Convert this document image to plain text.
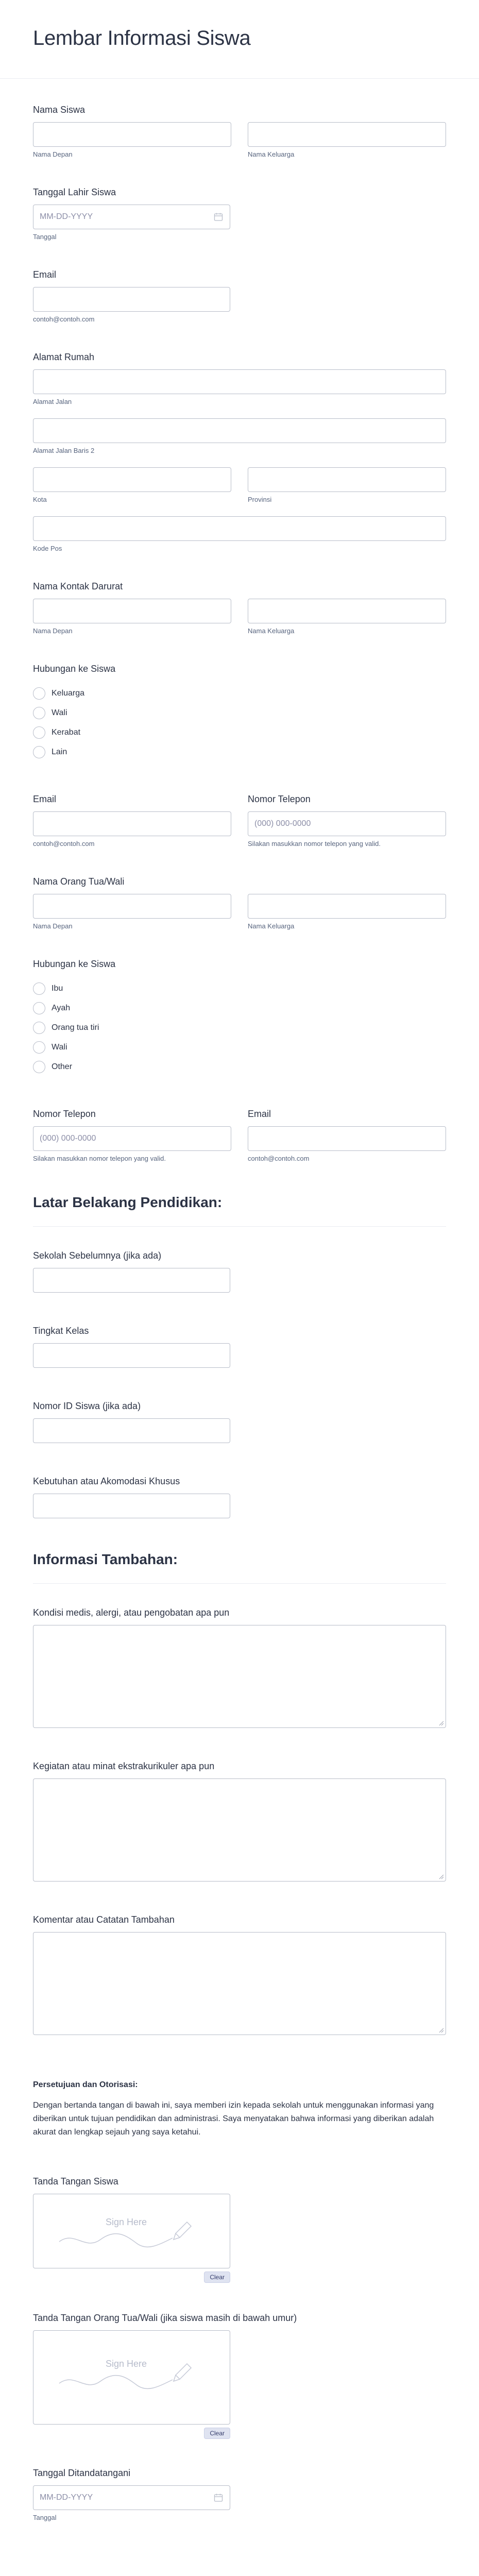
Lembar Informasi Siswa
Nama Siswa
Nama Depan	Nama Keluarga
Tanggal Lahir Siswa
MM-DD-YYYY
Tanggal
Email
contoh@contoh.com
Alamat Rumah
Alamat Jalan
Alamat Jalan Baris 2
Kota	Provinsi
Kode Pos
Nama Kontak Darurat
Nama Depan	Nama Keluarga
Hubungan ke Siswa
Keluarga
Wali
Kerabat
Lain
Email
contoh@contoh.com
Nomor Telepon
(000) 000-0000
Silakan masukkan nomor telepon yang valid.
Nama Orang Tua/Wali
Nama Depan	Nama Keluarga
Hubungan ke Siswa
Ibu
Ayah
Orang tua tiri
Wali
Other
Nomor Telepon
(000) 000-0000
Silakan masukkan nomor telepon yang valid.
Email
contoh@contoh.com
Latar Belakang Pendidikan:
Sekolah Sebelumnya (jika ada)
Tingkat Kelas
Nomor ID Siswa (jika ada)
Kebutuhan atau Akomodasi Khusus
Informasi Tambahan:
Kondisi medis, alergi, atau pengobatan apa pun
Kegiatan atau minat ekstrakurikuler apa pun
Komentar atau Catatan Tambahan
Persetujuan dan Otorisasi:

Dengan bertanda tangan di bawah ini, saya memberi izin kepada sekolah untuk menggunakan informasi yang diberikan untuk tujuan pendidikan dan administrasi. Saya menyatakan bahwa informasi yang diberikan adalah akurat dan lengkap sejauh yang saya ketahui.

Tanda Tangan Siswa
Sign Here
Clear
Tanda Tangan Orang Tua/Wali (jika siswa masih di bawah umur)
Sign Here
Clear
Tanggal Ditandatangani
MM-DD-YYYY
Tanggal
